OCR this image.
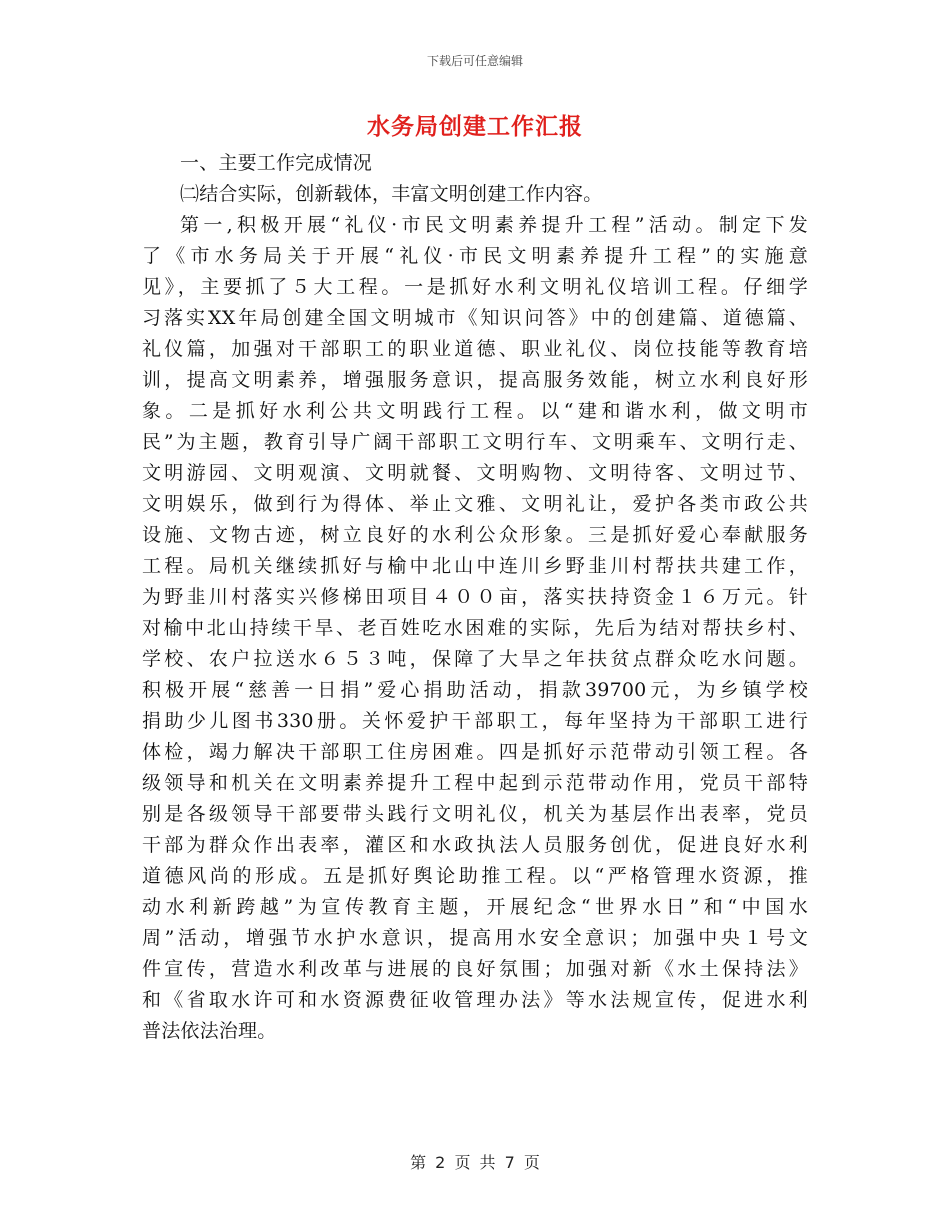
下载后可任意编辑
水务局创建工作汇报
一、主要工作完成情况
㈡结合实际，创新载体，丰富文明创建工作内容。
第一,积极开展“礼仪·市民文明素养提升工程”活动。制定下发
了《市水务局关于开展“礼仪·市民文明素养提升工程”的实施意
见》，主要抓了５大工程。一是抓好水利文明礼仪培训工程。仔细学
习落实XX年局创建全国文明城市《知识问答》中的创建篇、道德篇、
礼仪篇，加强对干部职工的职业道德、职业礼仪、岗位技能等教育培
训，提高文明素养，增强服务意识，提高服务效能，树立水利良好形
象。二是抓好水利公共文明践行工程。以“建和谐水利，做文明市
民”为主题，教育引导广阔干部职工文明行车、文明乘车、文明行走、
文明游园、文明观演、文明就餐、文明购物、文明待客、文明过节、
文明娱乐，做到行为得体、举止文雅、文明礼让，爱护各类市政公共
设施、文物古迹，树立良好的水利公众形象。三是抓好爱心奉献服务
工程。局机关继续抓好与榆中北山中连川乡野韭川村帮扶共建工作，
为野韭川村落实兴修梯田项目４００亩，落实扶持资金１６万元。针
对榆中北山持续干旱、老百姓吃水困难的实际，先后为结对帮扶乡村、
学校、农户拉送水６５３吨，保障了大旱之年扶贫点群众吃水问题。
积极开展“慈善一日捐”爱心捐助活动，捐款39700元，为乡镇学校
捐助少儿图书330册。关怀爱护干部职工，每年坚持为干部职工进行
体检，竭力解决干部职工住房困难。四是抓好示范带动引领工程。各
级领导和机关在文明素养提升工程中起到示范带动作用，党员干部特
别是各级领导干部要带头践行文明礼仪，机关为基层作出表率，党员
干部为群众作出表率，灌区和水政执法人员服务创优，促进良好水利
道德风尚的形成。五是抓好舆论助推工程。以“严格管理水资源，推
动水利新跨越”为宣传教育主题，开展纪念“世界水日”和“中国水
周”活动，增强节水护水意识，提高用水安全意识；加强中央１号文
件宣传，营造水利改革与进展的良好氛围；加强对新《水土保持法》
和《省取水许可和水资源费征收管理办法》等水法规宣传，促进水利
普法依法治理。
第 2 页 共 7 页
